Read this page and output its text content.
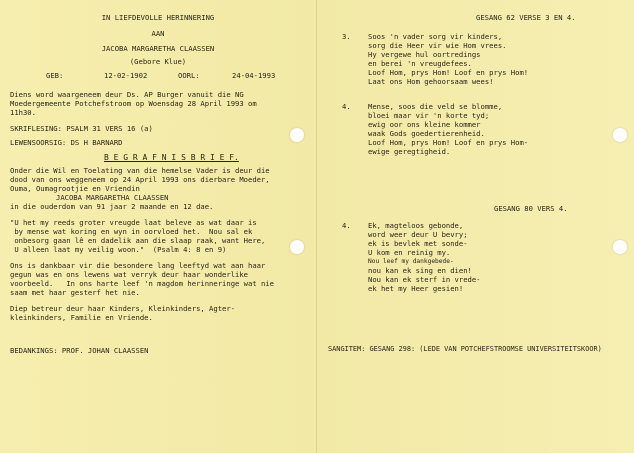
IN LIEFDEVOLLE HERINNERING
AAN
JACOBA MARGARETHA CLAASSEN
(Gebore Klue)
GEB:	12-02-1902	OORL:	24-04-1993
Diens word waargeneem deur Ds. AP Burger vanuit die NG
Moedergemeente Potchefstroom op Woensdag 28 April 1993 om
11h30.
SKRIFLESING: PSALM 31 VERS 16 (a)
LEWENSOORSIG: DS H BARNARD
B E G R A F N I S B R I E F.
Onder die Wil en Toelating van die hemelse Vader is deur die
dood van ons weggeneem op 24 April 1993 ons dierbare Moeder,
Ouma, Oumagrootjie en Vriendin
JACOBA MARGARETHA CLAASSEN
in die ouderdom van 91 jaar 2 maande en 12 dae.
"U het my reeds groter vreugde laat beleve as wat daar is
by mense wat koring en wyn in oorvloed het.  Nou sal ek
onbesorg gaan lê en dadelik aan die slaap raak, want Here,
U alleen laat my veilig woon."  (Psalm 4: 8 en 9)
Ons is dankbaar vir die besondere lang leeftyd wat aan haar
gegun was en ons lewens wat verryk deur haar wonderlike
voorbeeld.   In ons harte leef 'n magdom herinneringe wat nie
saam met haar gesterf het nie.
Diep betreur deur haar Kinders, Kleinkinders, Agter-
kleinkinders, Familie en Vriende.
BEDANKINGS: PROF. JOHAN CLAASSEN
GESANG 62 VERSE 3 EN 4.
3. Soos 'n vader sorg vir kinders,
sorg die Heer vir wie Hom vrees.
Hy vergewe hul oortredings
en berei 'n vreugdefees.
Loof Hom, prys Hom! Loof en prys Hom!
Laat ons Hom gehoorsaam wees!
4. Mense, soos die veld se blomme,
bloei maar vir 'n korte tyd;
ewig oor ons kleine kommer
waak Gods goedertierenheid.
Loof Hom, prys Hom! Loof en prys Hom-
ewige geregtigheid.
GESANG 80 VERS 4.
4. Ek, magteloos gebonde,
word weer deur U bevry;
ek is bevlek met sonde-
U kom en reinig my.
Nou leef my dankgebede-
nou kan ek sing en dien!
Nou kan ek sterf in vrede-
ek het my Heer gesien!
SANGITEM: GESANG 298: (LEDE VAN POTCHEFSTROOMSE UNIVERSITEITSKOOR)
